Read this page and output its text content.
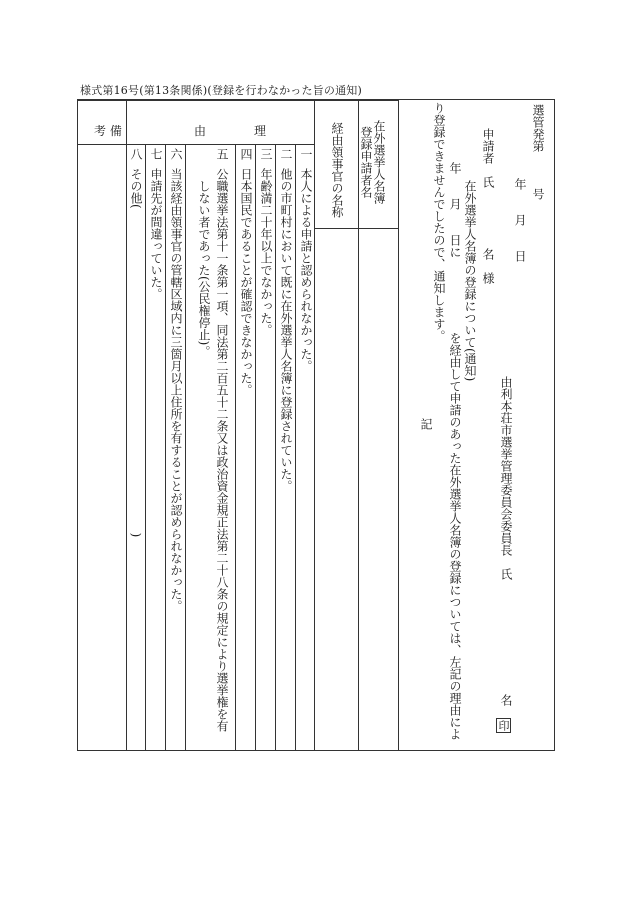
様式第16号(第13条関係)(登録を行わなかった旨の通知)
選管発第　　　号
年　　月　　日
申請者　氏　　　　　名　様
由利本荘市選挙管理委員会委員長　氏
名
印
在外選挙人名簿の登録について(通知)
　　年　　月　　日に
を経由して申請のあった在外選挙人名簿の登録については、左記の理由によ
り登録できませんでしたので、通知します。
記
考 備	由　　　　理	在外選挙人名簿
登録申請者名
経由領事官の名称
一
本人による申請と認められなかった。
二
他の市町村において既に在外選挙人名簿に登録されていた。
三
年齢満二十年以上でなかった。
四
日本国民であることが確認できなかった。
五
公職選挙法第十一条第一項、同法第二百五十二条又は政治資金規正法第二十八条の規定により選挙権を有
しない者であった(公民権停止)。
六
当該経由領事官の管轄区域内に三箇月以上住所を有することが認められなかった。
七
申請先が間違っていた。
八
その他(　　　　　　　　　　　　　　　　　　　　　　　　　　　)
